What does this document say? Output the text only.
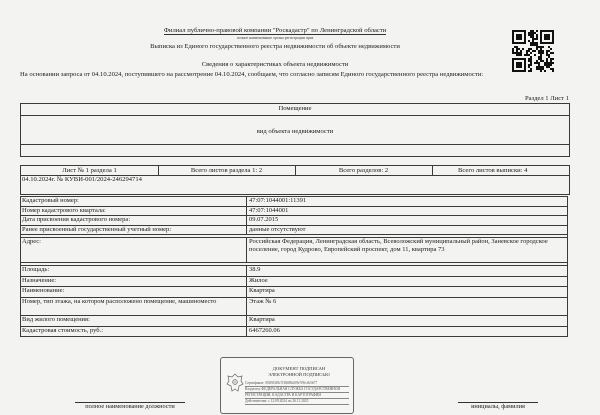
Филиал публично-правовой компании "Роскадастр" по Ленинградской области
полное наименование органа регистрации прав
Выписка из Единого государственного реестра недвижимости об объекте недвижимости
Сведения о характеристиках объекта недвижимости
На основании запроса от 04.10.2024, поступившего на рассмотрение 04.10.2024, сообщаем, что согласно записям Единого государственного реестра недвижимости:
Раздел 1 Лист 1
Помещение
вид объекта недвижимости
Лист № 1 раздела 1	Всего листов раздела 1: 2	Всего разделов: 2	Всего листов выписки: 4
04.10.2024г. № КУВИ-001/2024-246294714
Кадастровый номер:	47:07:1044001:11391
Номер кадастрового квартала:	47:07:1044001
Дата присвоения кадастрового номера:	09.07.2015
Ранее присвоенный государственный учетный номер:	данные отсутствуют
Адрес:	Российская Федерация, Ленинградская область, Всеволожский муниципальный район, Заневское городское поселение, город Кудрово, Европейский проспект, дом 11, квартира 73
Площадь:	38.9
Назначение:	Жилое
Наименование:	Квартира
Номер, тип этажа, на котором расположено помещение, машиноместо	Этаж № 6
Вид жилого помещения:	Квартира
Кадастровая стоимость, руб.:	6467260.06
ДОКУМЕНТ ПОДПИСАН
ЭЛЕКТРОННОЙ ПОДПИСЬЮ
Сертификат: 00ff9f3f8c7f38ff8bf09e7f9fcfb5b77
Владелец: ФЕДЕРАЛЬНАЯ СЛУЖБА ГОСУДАРСТВЕННОЙ
РЕГИСТРАЦИИ, КАДАСТРА И КАРТОГРАФИИ
Действителен: с 12.09.2024 по 26.11.2025
полное наименование должности	инициалы, фамилия
